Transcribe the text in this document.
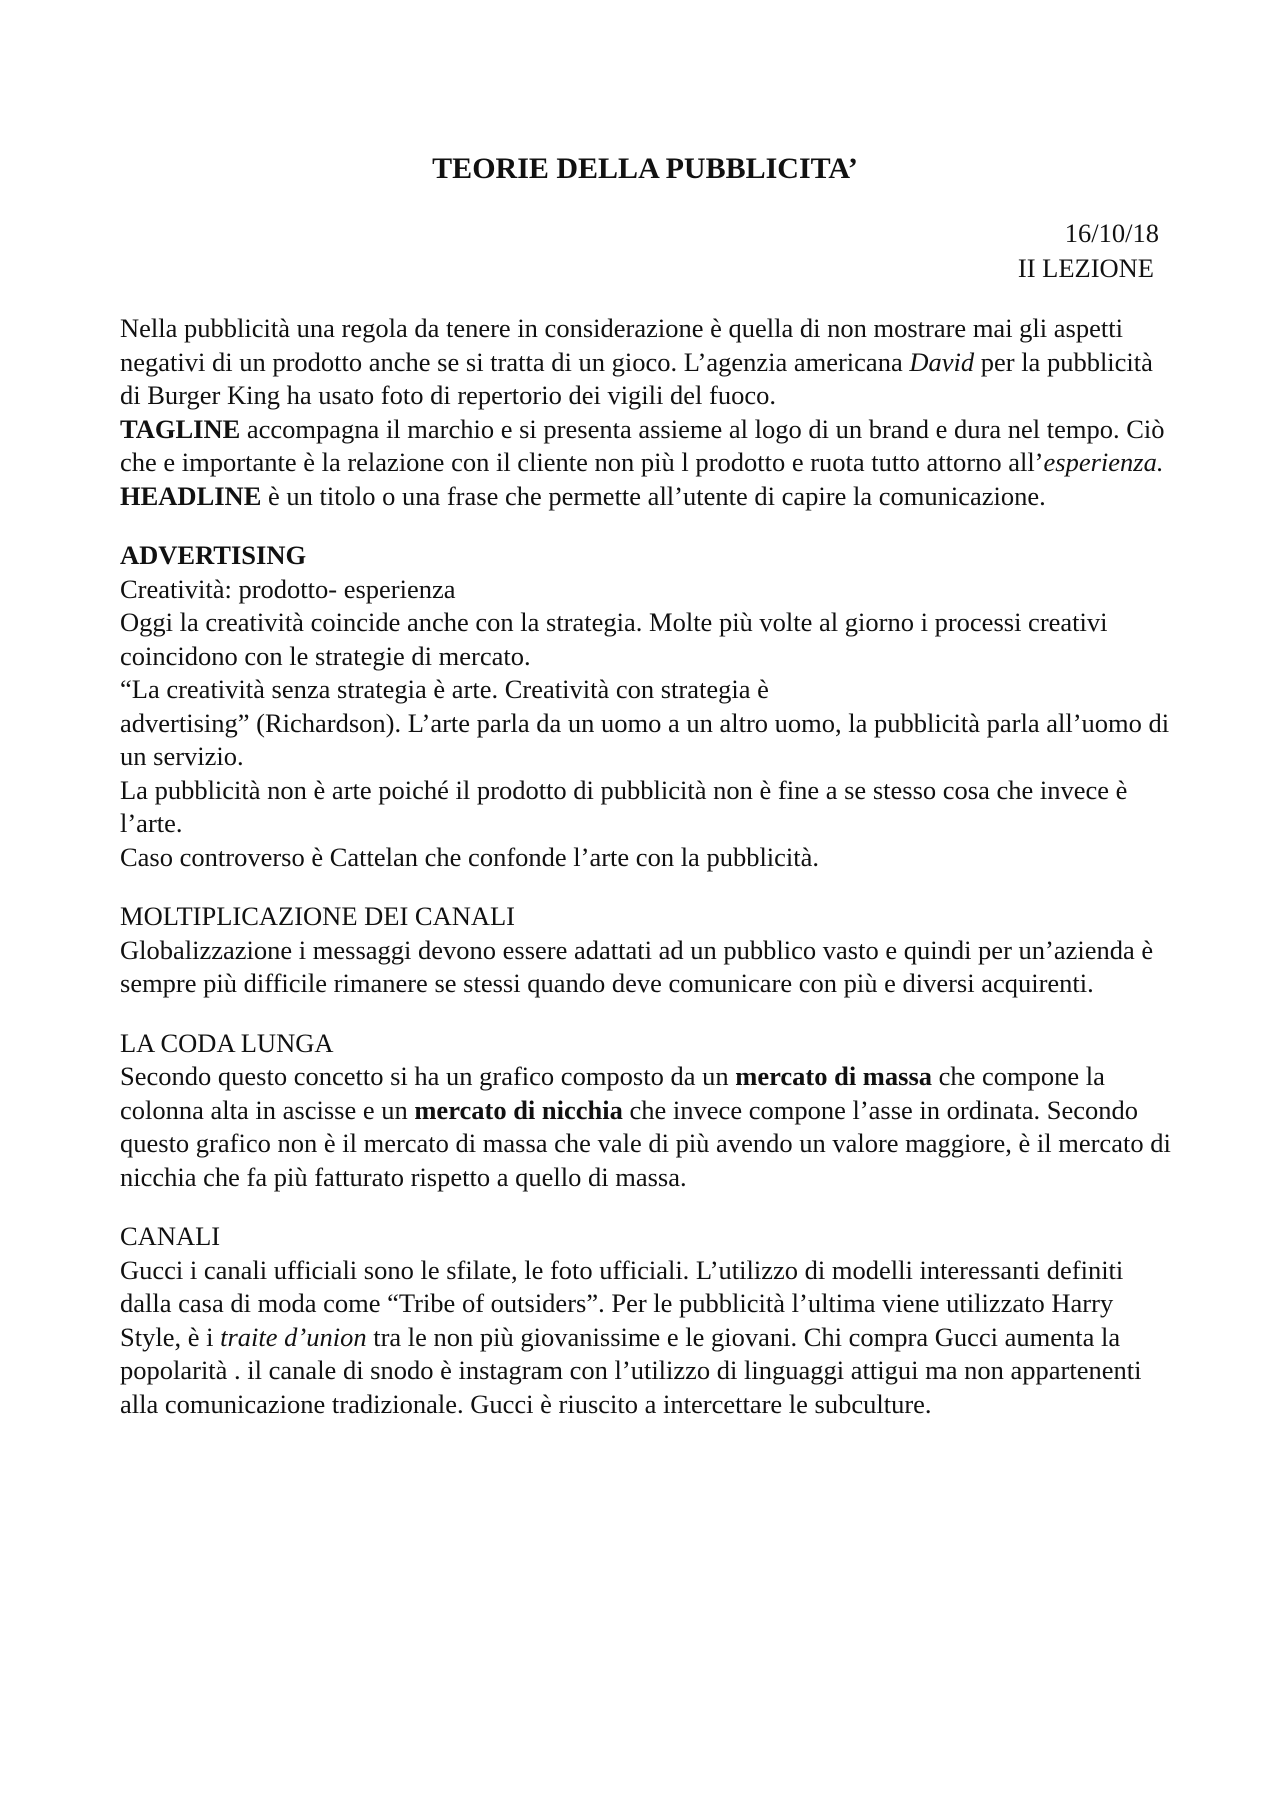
TEORIE DELLA PUBBLICITA’
16/10/18
II LEZIONE

Nella pubblicità una regola da tenere in considerazione è quella di non mostrare mai gli aspetti negativi di un prodotto anche se si tratta di un gioco. L’agenzia americana David per la pubblicità di Burger King ha usato foto di repertorio dei vigili del fuoco.

TAGLINE accompagna il marchio e si presenta assieme al logo di un brand e dura nel tempo. Ciò che e importante è la relazione con il cliente non più l prodotto e ruota tutto attorno all’esperienza.

HEADLINE è un titolo o una frase che permette all’utente di capire la comunicazione.

ADVERTISING

Creatività: prodotto- esperienza

Oggi la creatività coincide anche con la strategia. Molte più volte al giorno i processi creativi coincidono con le strategie di mercato.

“La creatività senza strategia è arte. Creatività con strategia è

advertising” (Richardson). L’arte parla da un uomo a un altro uomo, la pubblicità parla all’uomo di un servizio.

La pubblicità non è arte poiché il prodotto di pubblicità non è fine a se stesso cosa che invece è l’arte.

Caso controverso è Cattelan che confonde l’arte con la pubblicità.

MOLTIPLICAZIONE DEI CANALI

Globalizzazione i messaggi devono essere adattati ad un pubblico vasto e quindi per un’azienda è sempre più difficile rimanere se stessi quando deve comunicare con più e diversi acquirenti.

LA CODA LUNGA

Secondo questo concetto si ha un grafico composto da un mercato di massa che compone la colonna alta in ascisse e un mercato di nicchia che invece compone l’asse in ordinata. Secondo questo grafico non è il mercato di massa che vale di più avendo un valore maggiore, è il mercato di nicchia che fa più fatturato rispetto a quello di massa.

CANALI

Gucci i canali ufficiali sono le sfilate, le foto ufficiali. L’utilizzo di modelli interessanti definiti dalla casa di moda come “Tribe of outsiders”. Per le pubblicità l’ultima viene utilizzato Harry Style, è i traite d’union tra le non più giovanissime e le giovani. Chi compra Gucci aumenta la popolarità . il canale di snodo è instagram con l’utilizzo di linguaggi attigui ma non appartenenti alla comunicazione tradizionale. Gucci è riuscito a intercettare le subculture.
